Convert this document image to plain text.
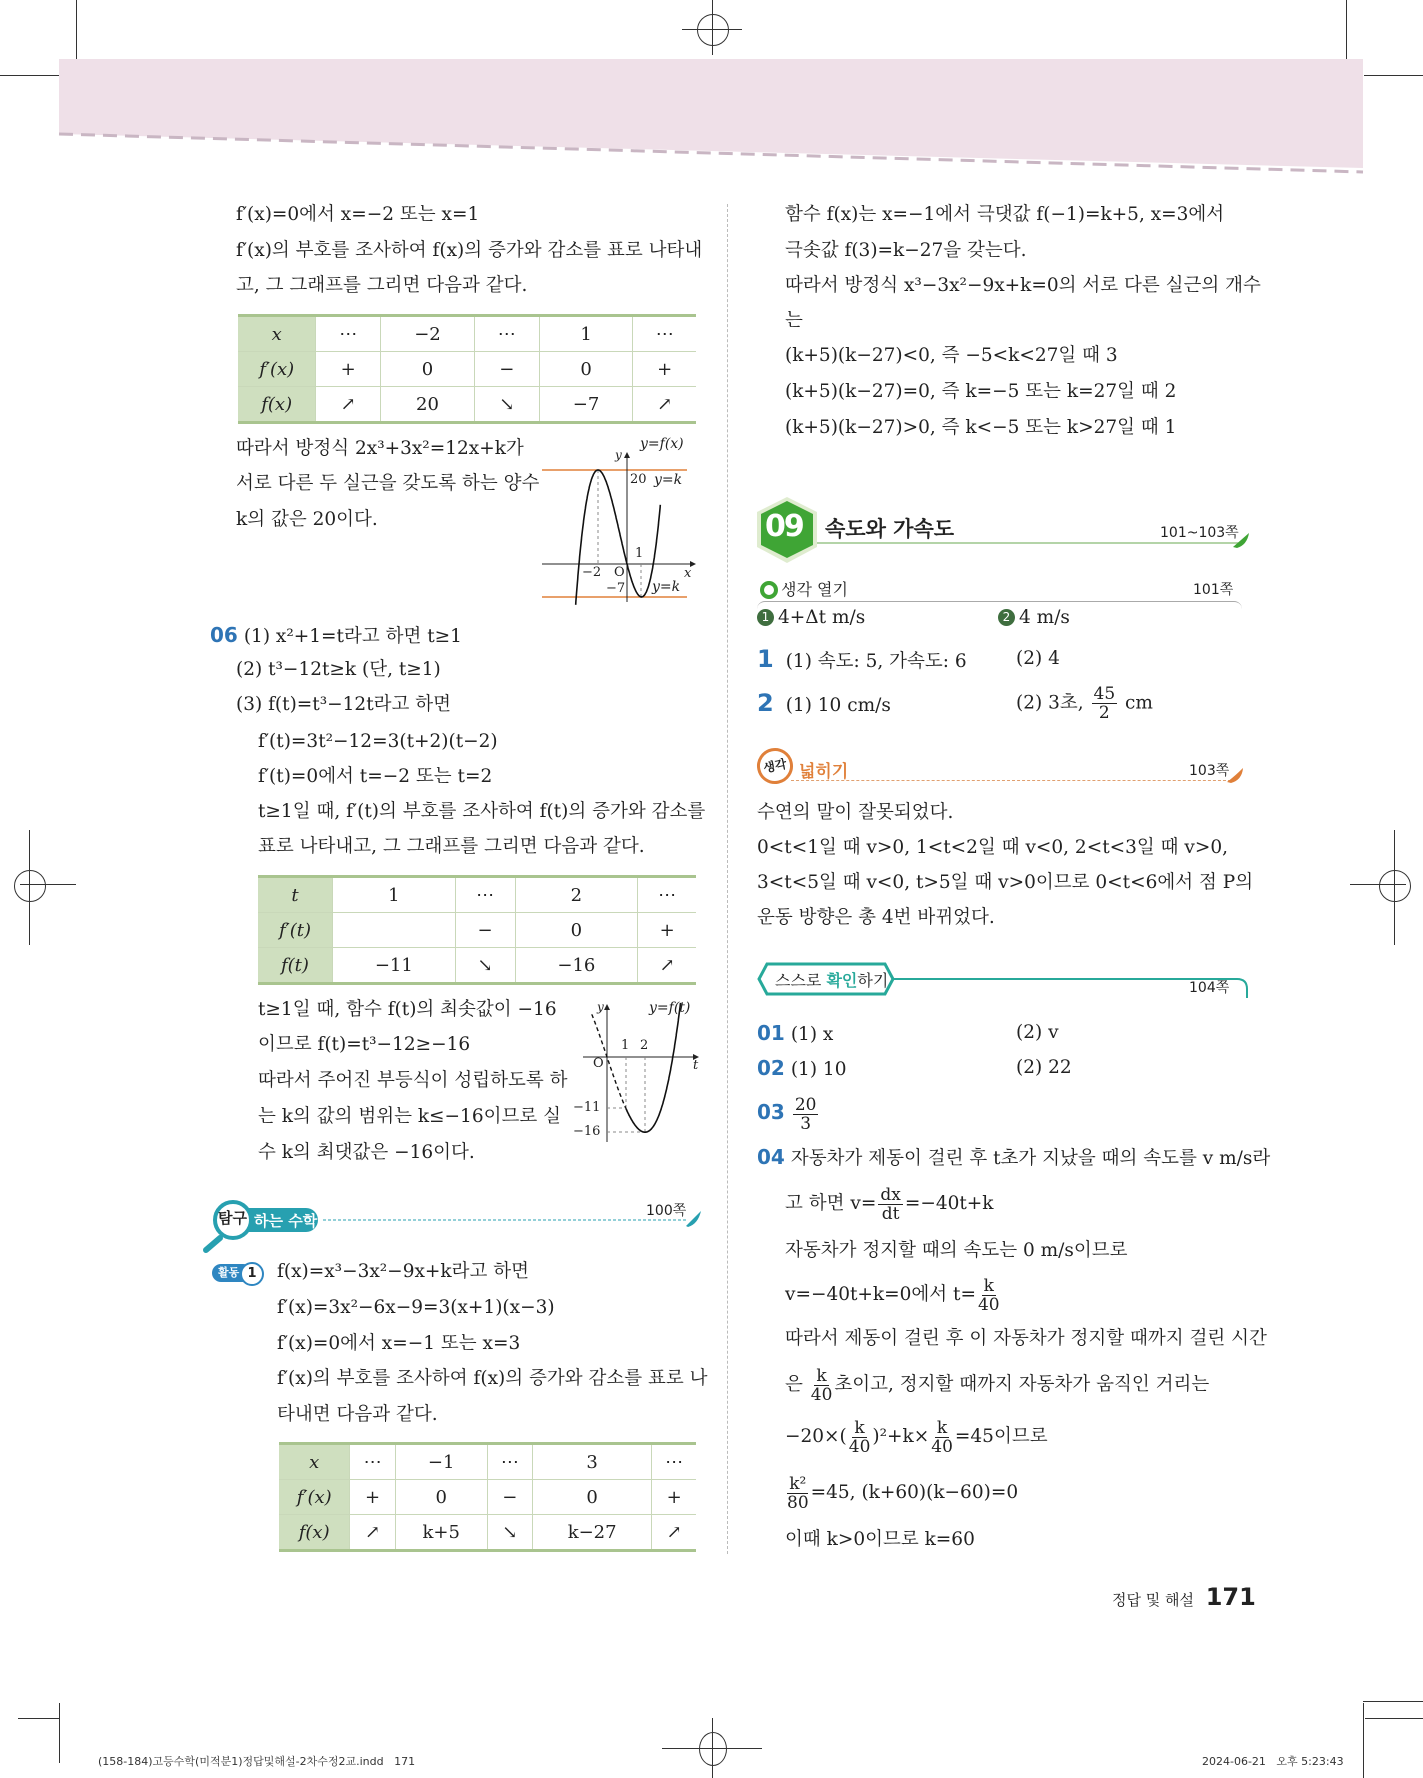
f′(x)=0에서 x=−2 또는 x=1
f′(x)의 부호를 조사하여 f(x)의 증가와 감소를 표로 나타내
고, 그 그래프를 그리면 다음과 같다.
x	⋯	−2	⋯	1	⋯
f′(x)	+	0	−	0	+
f(x)	↗	20	↘	−7	↗
따라서 방정식 2x³+3x²=12x+k가
서로 다른 두 실근을 갖도록 하는 양수
k의 값은 20이다.
y=f(x)
y
20 y=k
1
−2 O	x
−7 y=k
06 (1) x²+1=t라고 하면 t≥1
(2) t³−12t≥k (단, t≥1)
(3) f(t)=t³−12t라고 하면
f′(t)=3t²−12=3(t+2)(t−2)
f′(t)=0에서 t=−2 또는 t=2
t≥1일 때, f′(t)의 부호를 조사하여 f(t)의 증가와 감소를
표로 나타내고, 그 그래프를 그리면 다음과 같다.
t	1	⋯	2	⋯
f′(t)		−	0	+
f(t)	−11	↘	−16	↗
t≥1일 때, 함수 f(t)의 최솟값이 −16
이므로 f(t)=t³−12≥−16
따라서 주어진 부등식이 성립하도록 하
는 k의 값의 범위는 k≤−16이므로 실
수 k의 최댓값은 −16이다.
y=f(t)
y
O
1 2
t
−11
−16
탐구 하는 수학
100쪽
활동 1	f(x)=x³−3x²−9x+k라고 하면
f′(x)=3x²−6x−9=3(x+1)(x−3)
f′(x)=0에서 x=−1 또는 x=3
f′(x)의 부호를 조사하여 f(x)의 증가와 감소를 표로 나
타내면 다음과 같다.
x	⋯	−1	⋯	3	⋯
f′(x)	+	0	−	0	+
f(x)	↗	k+5	↘	k−27	↗
함수 f(x)는 x=−1에서 극댓값 f(−1)=k+5, x=3에서
극솟값 f(3)=k−27을 갖는다.
따라서 방정식 x³−3x²−9x+k=0의 서로 다른 실근의 개수
는
(k+5)(k−27)<0, 즉 −5<k<27일 때 3
(k+5)(k−27)=0, 즉 k=−5 또는 k=27일 때 2
(k+5)(k−27)>0, 즉 k<−5 또는 k>27일 때 1
09 속도와 가속도	101~103쪽
생각 열기	101쪽
1 4+Δt m/s	2 4 m/s
1 (1) 속도: 5, 가속도: 6	(2) 4
2 (1) 10 cm/s	(2) 3초, $\frac{45}{2}$ cm
생각 넓히기	103쪽
수연의 말이 잘못되었다.
0<t<1일 때 v>0, 1<t<2일 때 v<0, 2<t<3일 때 v>0,
3<t<5일 때 v<0, t>5일 때 v>0이므로 0<t<6에서 점 P의
운동 방향은 총 4번 바뀌었다.
스스로 확인하기	104쪽
01 (1) x	(2) v
02 (1) 10	(2) 22
$03 \frac{20}{3}$
04 자동차가 제동이 걸린 후 t초가 지났을 때의 속도를 v m/s라
고 하면 $v= \frac{dx}{dt} =-40t+k$
자동차가 정지할 때의 속도는 0 m/s이므로
v=−40t+k=0에서 $t= \frac{k}{40}$
따라서 제동이 걸린 후 이 자동차가 정지할 때까지 걸린 시간
은 $\frac{k}{40}$ 초이고, 정지할 때까지 자동차가 움직인 거리는
$-20\times( \frac{k}{40} )^2+k\times \frac{k}{40} =45$이므로
$\frac{\text{k²}}{80} =45$, (k+60)(k−60)=0
이때 k>0이므로 k=60
정답 및 해설 171
(158-184)고등수학(미적분1)정답및해설-2차수정2교.indd   171	2024-06-21   오후 5:23:43
